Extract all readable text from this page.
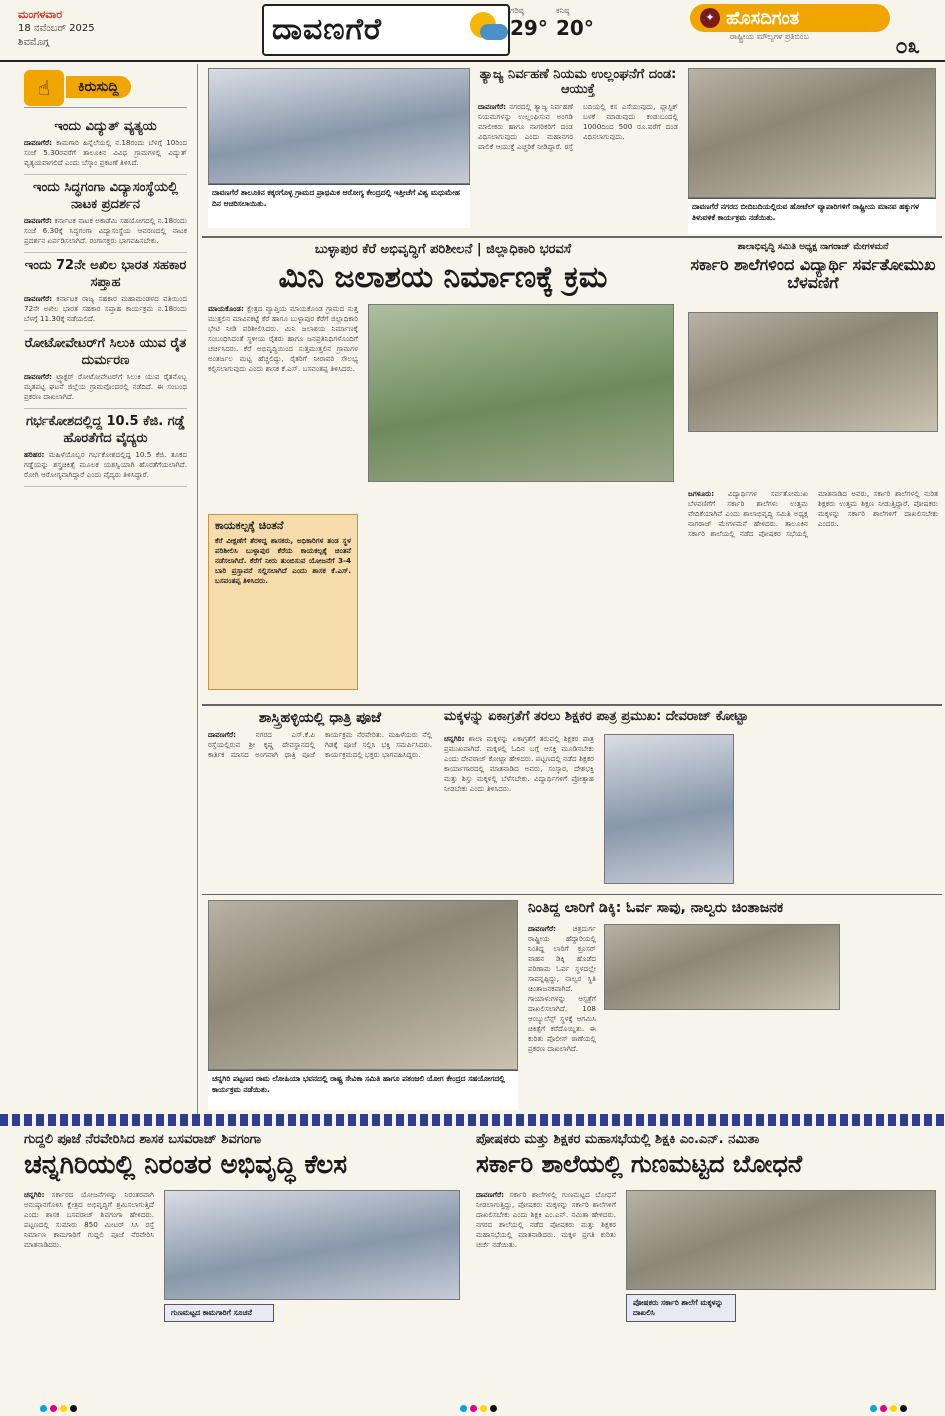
ಮಂಗಳವಾರ
18 ನವೆಂಬರ್ 2025
ಶಿವಮೊಗ್ಗ	ದಾವಣಗೆರೆ
ಗರಿಷ್ಠ
29°
ಕನಿಷ್ಠ
20°	✦ ಹೊಸದಿಗಂತ
ರಾಷ್ಟ್ರೀಯ ಮೌಲ್ಯಗಳ ಪ್ರತಿಬಿಂಬ	೦೩
☝	ಕಿರುಸುದ್ದಿ
ಇಂದು ವಿದ್ಯುತ್ ವ್ಯತ್ಯಯ

ದಾವಣಗೆರೆ: ಕಾಮಗಾರಿ ಹಿನ್ನೆಲೆಯಲ್ಲಿ ನ.18ರಂದು ಬೆಳಗ್ಗೆ 10ರಿಂದ ಸಂಜೆ 5.30ರವರೆಗೆ ತಾಲೂಕಿನ ವಿವಿಧ ಗ್ರಾಮಗಳಲ್ಲಿ ವಿದ್ಯುತ್ ವ್ಯತ್ಯಯವಾಗಲಿದೆ ಎಂದು ಬೆಸ್ಕಾಂ ಪ್ರಕಟಣೆ ತಿಳಿಸಿದೆ.

ಇಂದು ಸಿದ್ಧಗಂಗಾ ವಿದ್ಯಾಸಂಸ್ಥೆಯಲ್ಲಿ ನಾಟಕ ಪ್ರದರ್ಶನ

ದಾವಣಗೆರೆ: ಕರ್ನಾಟಕ ನಾಟಕ ಅಕಾಡೆಮಿ ಸಹಯೋಗದಲ್ಲಿ ನ.18ರಂದು ಸಂಜೆ 6.30ಕ್ಕೆ ಸಿದ್ಧಗಂಗಾ ವಿದ್ಯಾಸಂಸ್ಥೆಯ ಆವರಣದಲ್ಲಿ ನಾಟಕ ಪ್ರದರ್ಶನ ಏರ್ಪಡಿಸಲಾಗಿದೆ. ರಂಗಾಸಕ್ತರು ಭಾಗವಹಿಸಬೇಕು.

ಇಂದು 72ನೇ ಅಖಿಲ ಭಾರತ ಸಹಕಾರ ಸಪ್ತಾಹ

ದಾವಣಗೆರೆ: ಕರ್ನಾಟಕ ರಾಜ್ಯ ಸಹಕಾರ ಮಹಾಮಂಡಳದ ವತಿಯಿಂದ 72ನೇ ಅಖಿಲ ಭಾರತ ಸಹಕಾರ ಸಪ್ತಾಹ ಕಾರ್ಯಕ್ರಮ ನ.18ರಂದು ಬೆಳಗ್ಗೆ 11.30ಕ್ಕೆ ನಡೆಯಲಿದೆ.

ರೋಟೋವೇಟರ್‌ಗೆ ಸಿಲುಕಿ ಯುವ ರೈತ ದುರ್ಮರಣ

ದಾವಣಗೆರೆ: ಟ್ರ್ಯಾಕ್ಟರ್ ರೋಟೋವೇಟರ್‌ಗೆ ಸಿಲುಕಿ ಯುವ ರೈತನೊಬ್ಬ ಮೃತಪಟ್ಟ ಘಟನೆ ಜಿಲ್ಲೆಯ ಗ್ರಾಮವೊಂದರಲ್ಲಿ ನಡೆದಿದೆ. ಈ ಸಂಬಂಧ ಪ್ರಕರಣ ದಾಖಲಾಗಿದೆ.

ಗರ್ಭಕೋಶದಲ್ಲಿದ್ದ 10.5 ಕೆಜಿ. ಗಡ್ಡೆ ಹೊರತೆಗೆದ ವೈದ್ಯರು

ಹರಿಹರ: ಮಹಿಳೆಯೊಬ್ಬರ ಗರ್ಭಕೋಶದಲ್ಲಿದ್ದ 10.5 ಕೆಜಿ. ತೂಕದ ಗಡ್ಡೆಯನ್ನು ಶಸ್ತ್ರಚಿಕಿತ್ಸೆ ಮೂಲಕ ಯಶಸ್ವಿಯಾಗಿ ಹೊರತೆಗೆಯಲಾಗಿದೆ. ರೋಗಿ ಆರೋಗ್ಯವಾಗಿದ್ದಾರೆ ಎಂದು ವೈದ್ಯರು ತಿಳಿಸಿದ್ದಾರೆ.

ದಾವಣಗೆರೆ ತಾಲೂಕಿನ ಕಕ್ಕರಗೊಳ್ಳ ಗ್ರಾಮದ ಪ್ರಾಥಮಿಕ ಆರೋಗ್ಯ ಕೇಂದ್ರದಲ್ಲಿ ಇತ್ತೀಚೆಗೆ ವಿಶ್ವ ಮಧುಮೇಹ ದಿನ ಆಚರಿಸಲಾಯಿತು.
ತ್ಯಾಜ್ಯ ನಿರ್ವಹಣೆ ನಿಯಮ ಉಲ್ಲಂಘನೆಗೆ ದಂಡ: ಆಯುಕ್ತೆ

ದಾವಣಗೆರೆ: ನಗರದಲ್ಲಿ ತ್ಯಾಜ್ಯ ನಿರ್ವಹಣೆ ನಿಯಮಗಳನ್ನು ಉಲ್ಲಂಘಿಸುವ ಅಂಗಡಿ ಮಾಲೀಕರು ಹಾಗೂ ನಾಗರಿಕರಿಗೆ ದಂಡ ವಿಧಿಸಲಾಗುವುದು ಎಂದು ಮಹಾನಗರ ಪಾಲಿಕೆ ಆಯುಕ್ತೆ ಎಚ್ಚರಿಕೆ ನೀಡಿದ್ದಾರೆ. ರಸ್ತೆ ಬದಿಯಲ್ಲಿ ಕಸ ಎಸೆಯುವುದು, ಪ್ಲಾಸ್ಟಿಕ್ ಬಳಕೆ ಮಾಡುವುದು ಕಂಡುಬಂದಲ್ಲಿ 1000ದಿಂದ 500 ರೂ.ವರೆಗೆ ದಂಡ ವಿಧಿಸಲಾಗುವುದು.

ದಾವಣಗೆರೆ ನಗರದ ಬೀದಿಬದಿಯಲ್ಲಿರುವ ಹೋಟೆಲ್ ವ್ಯಾಪಾರಿಗಳಿಗೆ ರಾಷ್ಟ್ರೀಯ ಮಾನವ ಹಕ್ಕುಗಳ ತಿಳುವಳಿಕೆ ಕಾರ್ಯಕ್ರಮ ನಡೆಯಿತು.
ಬುಳ್ಳಾಪುರ ಕೆರೆ ಅಭಿವೃದ್ಧಿಗೆ ಪರಿಶೀಲನೆ | ಜಿಲ್ಲಾಧಿಕಾರಿ ಭರವಸೆ
ಮಿನಿ ಜಲಾಶಯ ನಿರ್ಮಾಣಕ್ಕೆ ಕ್ರಮ

ಮಾಯಕೊಂಡ: ಕ್ಷೇತ್ರದ ವ್ಯಾಪ್ತಿಯ ಮಾಯಕೊಂಡ ಗ್ರಾಮದ ಸುತ್ತ ಮುತ್ತಲಿನ ಮಾವಿನಕಟ್ಟೆ ಕೆರೆ ಹಾಗೂ ಬುಳ್ಳಾಪುರ ಕೆರೆಗೆ ಜಿಲ್ಲಾಧಿಕಾರಿ ಭೇಟಿ ನೀಡಿ ಪರಿಶೀಲಿಸಿದರು. ಮಿನಿ ಜಲಾಶಯ ನಿರ್ಮಾಣಕ್ಕೆ ಸಂಬಂಧಿಸಿದಂತೆ ಸ್ಥಳೀಯ ರೈತರು ಹಾಗೂ ಜನಪ್ರತಿನಿಧಿಗಳೊಂದಿಗೆ ಚರ್ಚಿಸಿದರು. ಕೆರೆ ಅಭಿವೃದ್ಧಿಯಿಂದ ಸುತ್ತಮುತ್ತಲಿನ ಗ್ರಾಮಗಳ ಅಂತರ್ಜಲ ಮಟ್ಟ ಹೆಚ್ಚಲಿದ್ದು, ರೈತರಿಗೆ ನೀರಾವರಿ ಸೌಲಭ್ಯ ಕಲ್ಪಿಸಲಾಗುವುದು ಎಂದು ಶಾಸಕ ಕೆ.ಎಸ್. ಬಸವಂತಪ್ಪ ತಿಳಿಸಿದರು.

ಕಾಯಕಲ್ಪಕ್ಕೆ ಚಿಂತನೆ

ಕೆರೆ ವೀಕ್ಷಣೆಗೆ ತೆರಳಿದ್ದ ಶಾಸಕರು, ಅಧಿಕಾರಿಗಳ ತಂಡ ಸ್ಥಳ ಪರಿಶೀಲಿಸಿ ಬುಳ್ಳಾಪುರ ಕೆರೆಯ ಕಾಯಕಲ್ಪಕ್ಕೆ ಚಿಂತನೆ ನಡೆಸಲಾಗಿದೆ. ಕೆರೆಗೆ ನೀರು ತುಂಬಿಸುವ ಯೋಜನೆಗೆ 3-4 ಬಾರಿ ಪ್ರಸ್ತಾವನೆ ಸಲ್ಲಿಸಲಾಗಿದೆ ಎಂದು ಶಾಸಕ ಕೆ.ಎಸ್. ಬಸವಂತಪ್ಪ ತಿಳಿಸಿದರು.

ಶಾಲಾಭಿವೃದ್ಧಿ ಸಮಿತಿ ಅಧ್ಯಕ್ಷ ನಾಗರಾಜ್ ಮೇಗಳಮನೆ
ಸರ್ಕಾರಿ ಶಾಲೆಗಳಿಂದ ವಿದ್ಯಾರ್ಥಿ ಸರ್ವತೋಮುಖ ಬೆಳವಣಿಗೆ

ಜಗಳೂರು: ವಿದ್ಯಾರ್ಥಿಗಳ ಸರ್ವತೋಮುಖ ಬೆಳವಣಿಗೆಗೆ ಸರ್ಕಾರಿ ಶಾಲೆಗಳು ಉತ್ತಮ ವೇದಿಕೆಯಾಗಿವೆ ಎಂದು ಶಾಲಾಭಿವೃದ್ಧಿ ಸಮಿತಿ ಅಧ್ಯಕ್ಷ ನಾಗರಾಜ್ ಮೇಗಳಮನೆ ಹೇಳಿದರು. ತಾಲೂಕಿನ ಸರ್ಕಾರಿ ಶಾಲೆಯಲ್ಲಿ ನಡೆದ ಪೋಷಕರ ಸಭೆಯಲ್ಲಿ ಮಾತನಾಡಿದ ಅವರು, ಸರ್ಕಾರಿ ಶಾಲೆಗಳಲ್ಲಿ ನುರಿತ ಶಿಕ್ಷಕರು ಉತ್ತಮ ಶಿಕ್ಷಣ ನೀಡುತ್ತಿದ್ದಾರೆ. ಪೋಷಕರು ಮಕ್ಕಳನ್ನು ಸರ್ಕಾರಿ ಶಾಲೆಗಳಿಗೆ ದಾಖಲಿಸಬೇಕು ಎಂದರು.

ಶಾಸ್ತ್ರಿಹಳ್ಳಿಯಲ್ಲಿ ಧಾತ್ರಿ ಪೂಜೆ

ದಾವಣಗೆರೆ:	ನಗರದ ಎಸ್.ಕೆ.ಪಿ ರಸ್ತೆಯಲ್ಲಿರುವ ಶ್ರೀ ಕೃಷ್ಣ ದೇವಸ್ಥಾನದಲ್ಲಿ ಕಾರ್ತಿಕ ಮಾಸದ ಅಂಗವಾಗಿ ಧಾತ್ರಿ ಪೂಜೆ ಕಾರ್ಯಕ್ರಮ ನೆರವೇರಿತು. ಮಹಿಳೆಯರು ನೆಲ್ಲಿ ಗಿಡಕ್ಕೆ ಪೂಜೆ ಸಲ್ಲಿಸಿ ಭಕ್ತಿ ಸಮರ್ಪಿಸಿದರು. ಕಾರ್ಯಕ್ರಮದಲ್ಲಿ ಭಕ್ತರು ಭಾಗವಹಿಸಿದ್ದರು.

ಮಕ್ಕಳನ್ನು ಏಕಾಗ್ರತೆಗೆ ತರಲು ಶಿಕ್ಷಕರ ಪಾತ್ರ ಪ್ರಮುಖ: ದೇವರಾಜ್ ಕೋಟ್ಟಾ

ಚನ್ನಗಿರಿ: ಶಾಲಾ ಮಕ್ಕಳನ್ನು ಏಕಾಗ್ರತೆಗೆ ತರುವಲ್ಲಿ ಶಿಕ್ಷಕರ ಪಾತ್ರ ಪ್ರಮುಖವಾಗಿದೆ. ಮಕ್ಕಳಲ್ಲಿ ಓದಿನ ಬಗ್ಗೆ ಆಸಕ್ತಿ ಮೂಡಿಸಬೇಕು ಎಂದು ದೇವರಾಜ್ ಕೋಟ್ಟಾ ಹೇಳಿದರು. ಪಟ್ಟಣದಲ್ಲಿ ನಡೆದ ಶಿಕ್ಷಕರ ಕಾರ್ಯಾಗಾರದಲ್ಲಿ ಮಾತನಾಡಿದ ಅವರು, ಸಂಸ್ಕಾರ, ದೇಶಭಕ್ತಿ ಮತ್ತು ಶಿಸ್ತು ಮಕ್ಕಳಲ್ಲಿ ಬೆಳೆಸಬೇಕು. ವಿದ್ಯಾರ್ಥಿಗಳಿಗೆ ಪ್ರೋತ್ಸಾಹ ನೀಡಬೇಕು ಎಂದು ತಿಳಿಸಿದರು.

ಚನ್ನಗಿರಿ ಪಟ್ಟಣದ ರಾಮ ಲೋಹಿಯಾ ಭವನದಲ್ಲಿ ರಾಷ್ಟ್ರ ಸೇವಿಕಾ ಸಮಿತಿ ಹಾಗೂ ಪತಂಜಲಿ ಯೋಗ ಕೇಂದ್ರದ ಸಹಯೋಗದಲ್ಲಿ ಕಾರ್ಯಕ್ರಮ ನಡೆಯಿತು.
ನಿಂತಿದ್ದ ಲಾರಿಗೆ ಡಿಕ್ಕಿ: ಓರ್ವ ಸಾವು, ನಾಲ್ವರು ಚಿಂತಾಜನಕ

ದಾವಣಗೆರೆ: ಚಿತ್ರದುರ್ಗ ರಾಷ್ಟ್ರೀಯ ಹೆದ್ದಾರಿಯಲ್ಲಿ ನಿಂತಿದ್ದ ಲಾರಿಗೆ ಕ್ರೂಸರ್ ವಾಹನ ಡಿಕ್ಕಿ ಹೊಡೆದ ಪರಿಣಾಮ ಓರ್ವ ಸ್ಥಳದಲ್ಲೇ ಸಾವನ್ನಪ್ಪಿದ್ದು, ನಾಲ್ವರ ಸ್ಥಿತಿ ಚಿಂತಾಜನಕವಾಗಿದೆ. ಗಾಯಾಳುಗಳನ್ನು ಆಸ್ಪತ್ರೆಗೆ ದಾಖಲಿಸಲಾಗಿದೆ. 108 ಆಂಬ್ಯುಲೆನ್ಸ್ ಸ್ಥಳಕ್ಕೆ ಆಗಮಿಸಿ ಚಿಕಿತ್ಸೆಗೆ ಕರೆದೊಯ್ದಿತು. ಈ ಕುರಿತು ಪೊಲೀಸ್ ಠಾಣೆಯಲ್ಲಿ ಪ್ರಕರಣ ದಾಖಲಾಗಿದೆ.

ಗುದ್ದಲಿ ಪೂಜೆ ನೆರವೇರಿಸಿದ ಶಾಸಕ ಬಸವರಾಜ್ ಶಿವಗಂಗಾ
ಚನ್ನಗಿರಿಯಲ್ಲಿ ನಿರಂತರ ಅಭಿವೃದ್ಧಿ ಕೆಲಸ

ಚನ್ನಗಿರಿ: ಸರ್ಕಾರದ ಯೋಜನೆಗಳನ್ನು ನಿರಂತರವಾಗಿ ಅನುಷ್ಠಾನಗೊಳಿಸಿ ಕ್ಷೇತ್ರದ ಅಭಿವೃದ್ಧಿಗೆ ಶ್ರಮಿಸಲಾಗುತ್ತಿದೆ ಎಂದು ಶಾಸಕ ಬಸವರಾಜ್ ಶಿವಗಂಗಾ ಹೇಳಿದರು. ಪಟ್ಟಣದಲ್ಲಿ ಸುಮಾರು 850 ಮೀಟರ್ ಸಿಸಿ ರಸ್ತೆ ನಿರ್ಮಾಣ ಕಾಮಗಾರಿಗೆ ಗುದ್ದಲಿ ಪೂಜೆ ನೆರವೇರಿಸಿ ಮಾತನಾಡಿದರು.

ಗುಣಮಟ್ಟದ ಕಾಮಗಾರಿಗೆ ಸೂಚನೆ
ಪೋಷಕರು ಮತ್ತು ಶಿಕ್ಷಕರ ಮಹಾಸಭೆಯಲ್ಲಿ ಶಿಕ್ಷಕಿ ಎಂ.ಎನ್. ನಮಿತಾ
ಸರ್ಕಾರಿ ಶಾಲೆಯಲ್ಲಿ ಗುಣಮಟ್ಟದ ಬೋಧನೆ

ದಾವಣಗೆರೆ: ಸರ್ಕಾರಿ ಶಾಲೆಗಳಲ್ಲಿ ಗುಣಮಟ್ಟದ ಬೋಧನೆ ನೀಡಲಾಗುತ್ತಿದ್ದು, ಪೋಷಕರು ಮಕ್ಕಳನ್ನು ಸರ್ಕಾರಿ ಶಾಲೆಗಳಿಗೆ ದಾಖಲಿಸಬೇಕು ಎಂದು ಶಿಕ್ಷಕಿ ಎಂ.ಎನ್. ನಮಿತಾ ಹೇಳಿದರು. ನಗರದ ಶಾಲೆಯಲ್ಲಿ ನಡೆದ ಪೋಷಕರು ಮತ್ತು ಶಿಕ್ಷಕರ ಮಹಾಸಭೆಯಲ್ಲಿ ಮಾತನಾಡಿದರು. ಮಕ್ಕಳ ಪ್ರಗತಿ ಕುರಿತು ಚರ್ಚೆ ನಡೆಯಿತು.

ಪೋಷಕರು ಸರ್ಕಾರಿ ಶಾಲೆಗೆ ಮಕ್ಕಳನ್ನು ದಾಖಲಿಸಿ
